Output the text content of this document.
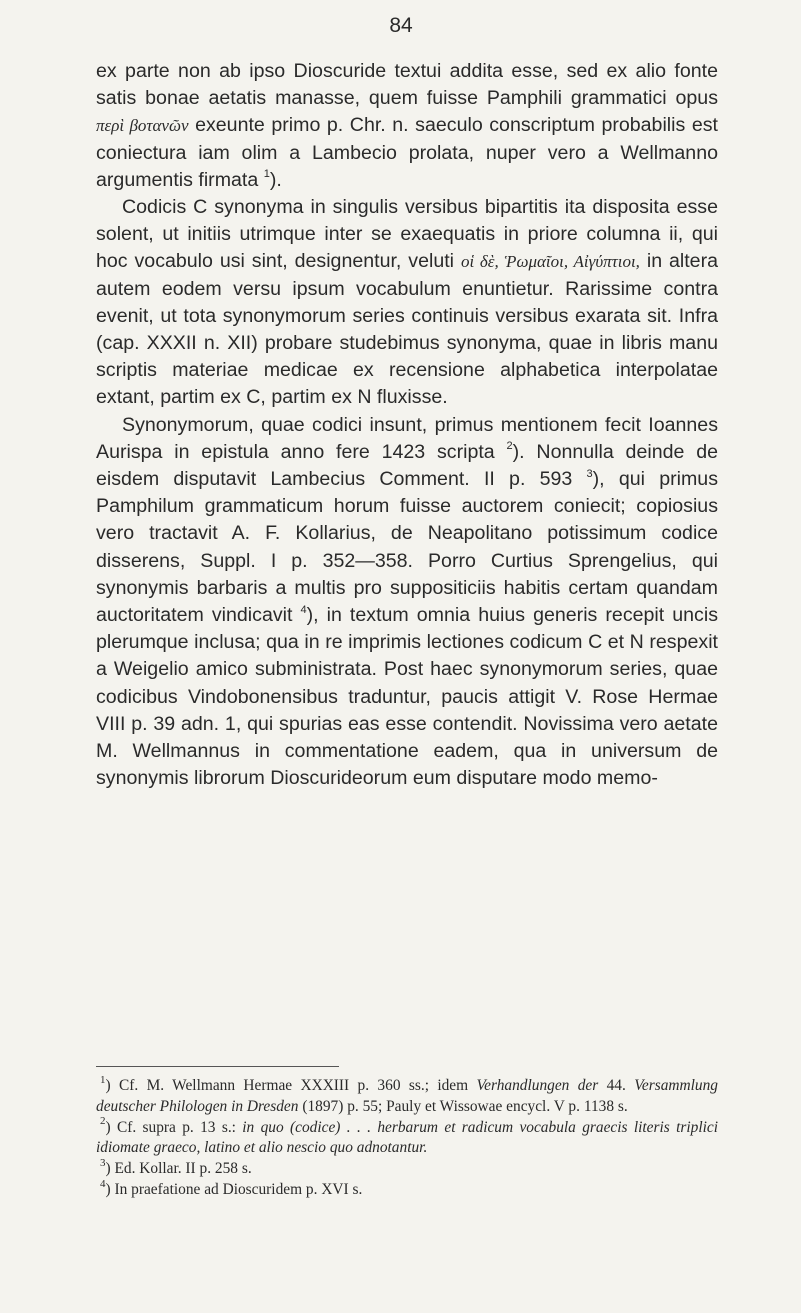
84

ex parte non ab ipso Dioscuride textui addita esse, sed ex alio fonte satis bonae aetatis manasse, quem fuisse Pamphili grammatici opus περὶ βοτανῶν exeunte primo p. Chr. n. saeculo conscriptum probabilis est coniectura iam olim a Lambecio prolata, nuper vero a Wellmanno argumentis firmata $^1$).

Codicis C synonyma in singulis versibus bipartitis ita disposita esse solent, ut initiis utrimque inter se exaequatis in priore columna ii, qui hoc vocabulo usi sint, designentur, veluti οἱ δὲ, Ῥωμαῖοι, Αἰγύπτιοι, in altera autem eodem versu ipsum vocabulum enuntietur. Rarissime contra evenit, ut tota synonymorum series continuis versibus exarata sit. Infra (cap. XXXII n. XII) probare studebimus synonyma, quae in libris manu scriptis materiae medicae ex recensione alphabetica interpolatae extant, partim ex C, partim ex N fluxisse.

Synonymorum, quae codici insunt, primus mentionem fecit Ioannes Aurispa in epistula anno fere 1423 scripta $^2$). Nonnulla deinde de eisdem disputavit Lambecius Comment. II p. 593 $^3$), qui primus Pamphilum grammaticum horum fuisse auctorem coniecit; copiosius vero tractavit A. F. Kollarius, de Neapolitano potissimum codice disserens, Suppl. I p. 352—358. Porro Curtius Sprengelius, qui synonymis barbaris a multis pro suppositiciis habitis certam quandam auctoritatem vindicavit $^4$), in textum omnia huius generis recepit uncis plerumque inclusa; qua in re imprimis lectiones codicum C et N respexit a Weigelio amico subministrata. Post haec synonymorum series, quae codicibus Vindobonensibus traduntur, paucis attigit V. Rose Hermae VIII p. 39 adn. 1, qui spurias eas esse contendit. Novissima vero aetate M. Wellmannus in commentatione eadem, qua in universum de synonymis librorum Dioscurideorum eum disputare modo memo-

$^1$) Cf. M. Wellmann Hermae XXXIII p. 360 ss.; idem Verhandlungen der 44. Versammlung deutscher Philologen in Dresden (1897) p. 55; Pauly et Wissowae encycl. V p. 1138 s.

$^2$) Cf. supra p. 13 s.: in quo (codice) . . . herbarum et radicum vocabula graecis literis triplici idiomate graeco, latino et alio nescio quo adnotantur.

$^3$) Ed. Kollar. II p. 258 s.

$^4$) In praefatione ad Dioscuridem p. XVI s.
